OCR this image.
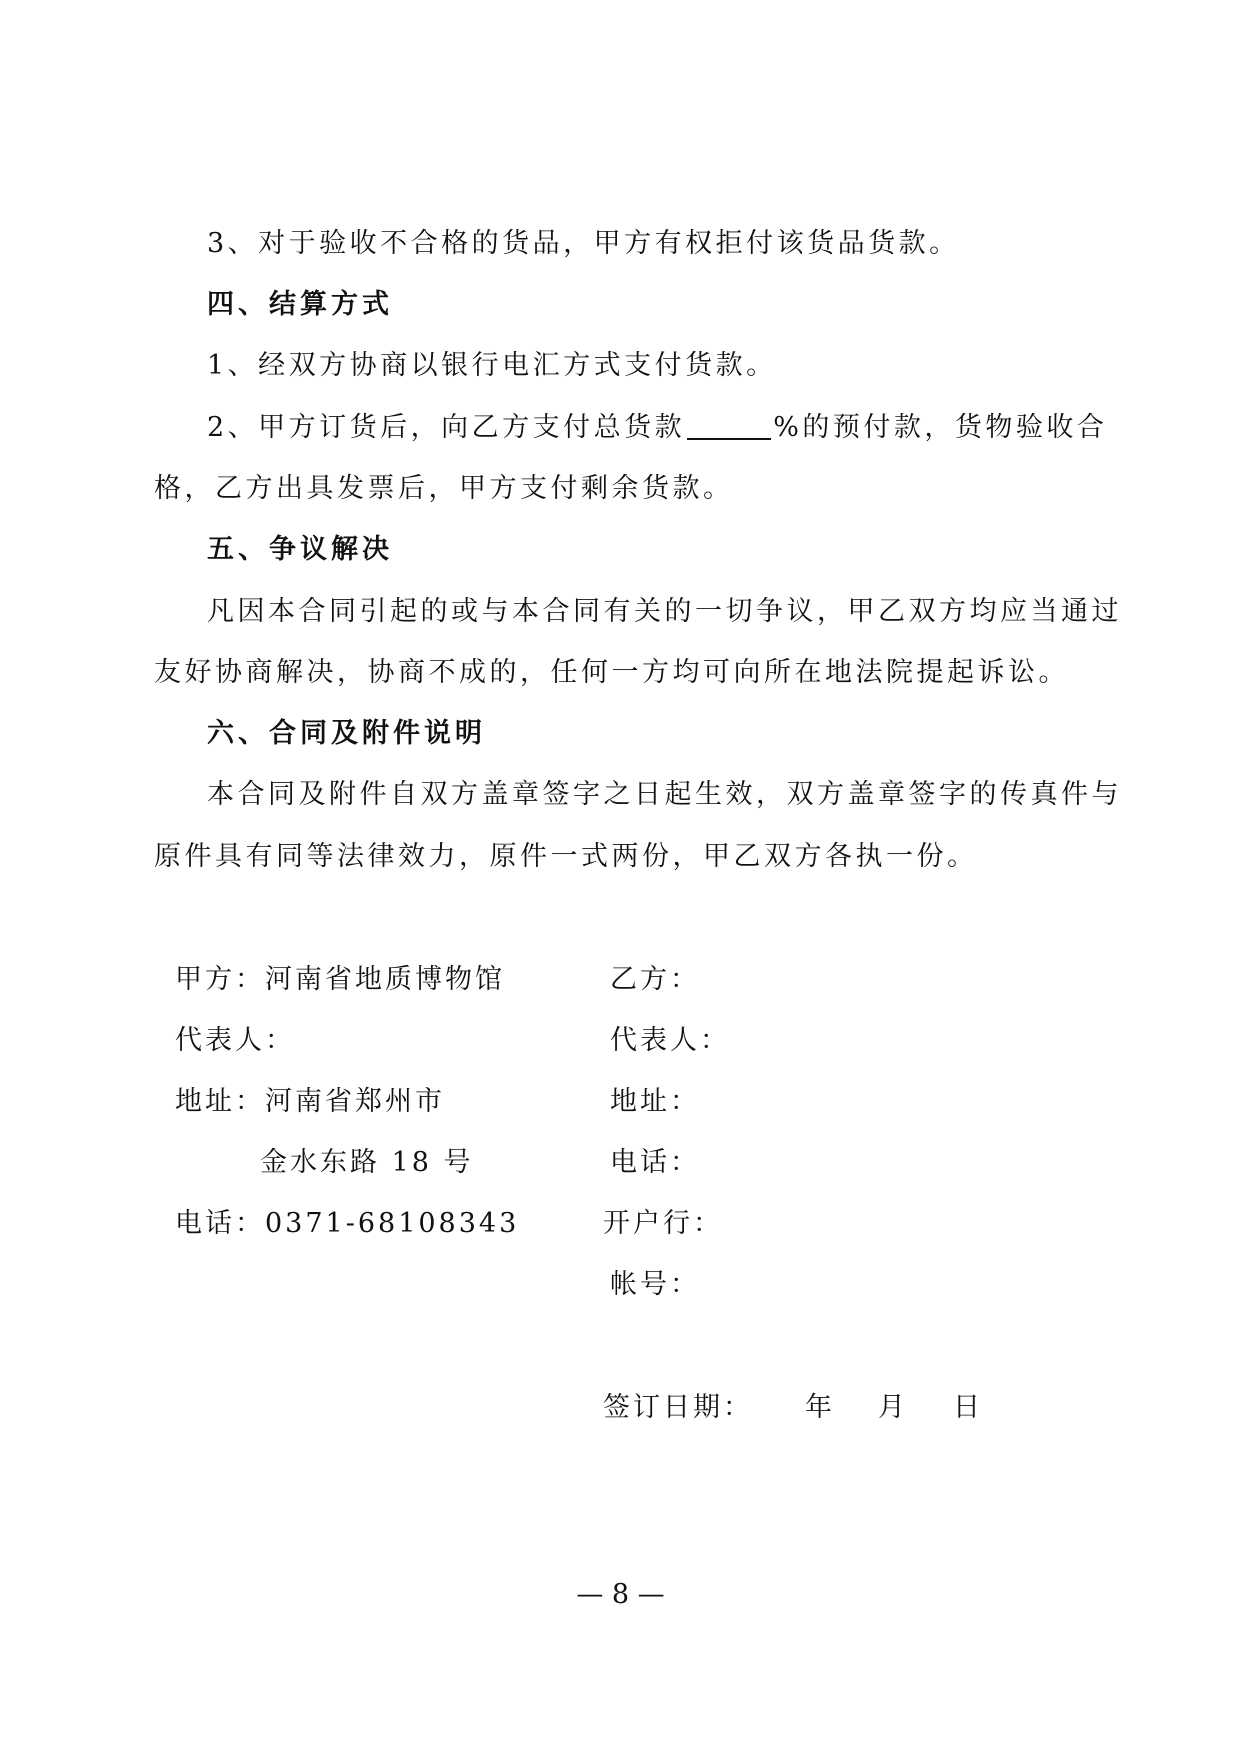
3、对于验收不合格的货品，甲方有权拒付该货品货款。
四、结算方式
1、经双方协商以银行电汇方式支付货款。
2、甲方订货后，向乙方支付总货款	%的预付款，货物验收合
格，乙方出具发票后，甲方支付剩余货款。
五、争议解决
凡因本合同引起的或与本合同有关的一切争议，甲乙双方均应当通过
友好协商解决，协商不成的，任何一方均可向所在地法院提起诉讼。
六、合同及附件说明
本合同及附件自双方盖章签字之日起生效，双方盖章签字的传真件与
原件具有同等法律效力，原件一式两份，甲乙双方各执一份。
甲方：河南省地质博物馆
代表人：
地址：河南省郑州市
金水东路 18 号
电话：0371-68108343
乙方：
代表人：
地址：
电话：
开户行：
帐号：
签订日期： 年 月 日
— 8 —
